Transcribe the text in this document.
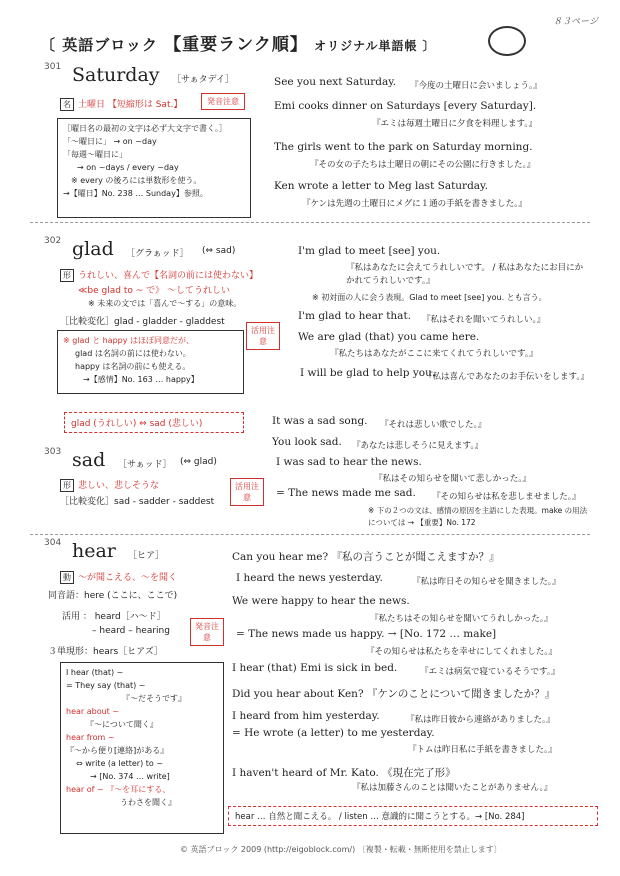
〔 英語ブロック 【重要ランク順】 オリジナル単語帳 〕
８３ページ
301 Saturday ［サぁタデイ］
名 土曜日 【短縮形は Sat.】	発音注意
［曜日名の最初の文字は必ず大文字で書く。］
「～曜日に」 → on ~day
「毎週～曜日に」
→ on ~days / every ~day
※ every の後ろには単数形を使う。
→【曜日】No. 238 … Sunday】参照。
See you next Saturday. 『今度の土曜日に会いましょう。』
Emi cooks dinner on Saturdays [every Saturday].
『エミは毎週土曜日に夕食を料理します。』
The girls went to the park on Saturday morning.
『その女の子たちは土曜日の朝にその公園に行きました。』
Ken wrote a letter to Meg last Saturday.
『ケンは先週の土曜日にメグに１通の手紙を書きました。』
302 glad ［グラぁッド］ (⇔ sad)
形 うれしい、喜んで【名詞の前には使わない】
≪be glad to ~ で》 ～してうれしい
※ 未来の文では「喜んで～する」の意味。
［比較変化］glad - gladder - gladdest
活用注意
※ glad と happy はほぼ同意だが、
glad は名詞の前には使わない。
happy は名詞の前にも使える。
→【感情】No. 163 … happy】
I'm glad to meet [see] you.
『私はあなたに会えてうれしいです。 / 私はあなたにお目にかかれてうれしいです。』
※ 初対面の人に会う表現。Glad to meet [see] you. とも言う。
I'm glad to hear that. 『私はそれを聞いてうれしい。』
We are glad (that) you came here.
『私たちはあなたがここに来てくれてうれしいです。』
I will be glad to help you.
『私は喜んであなたのお手伝いをします。』
glad (うれしい) ⇔ sad (悲しい)	It was a sad song. 『それは悲しい歌でした。』
You look sad. 『あなたは悲しそうに見えます。』
303 sad ［サぁッド］ (⇔ glad)
形 悲しい、悲しそうな
［比較変化］sad - sadder - saddest
活用注意
I was sad to hear the news.
『私はその知らせを聞いて悲しかった。』
= The news made me sad. 『その知らせは私を悲しませました。』
※ 下の２つの文は、感情の原因を主語にした表現。make の用法については → 【重要】No. 172
304 hear ［ヒア］
動 ～が聞こえる、～を聞く
同音語：here (ここに、ここで)
活用 ： heard［ハ～ド］
– heard – hearing
３単現形：hears［ヒアズ］
発音注意
I hear (that) ~
= They say (that) ~
『～だそうです』
hear about ~
『～について聞く』
hear from ~
『～から便り[連絡]がある』
⇔ write (a letter) to ~
→ [No. 374 … write]
hear of ~ 『～を耳にする、
うわさを聞く』
Can you hear me? 『私の言うことが聞こえますか？』
I heard the news yesterday.	『私は昨日その知らせを聞きました。』
We were happy to hear the news.
『私たちはその知らせを聞いてうれしかった。』
= The news made us happy. → [No. 172 … make]
『その知らせは私たちを幸せにしてくれました。』
I hear (that) Emi is sick in bed.	『エミは病気で寝ているそうです。』
Did you hear about Ken? 『ケンのことについて聞きましたか？』
I heard from him yesterday.	『私は昨日彼から連絡がありました。』
= He wrote (a letter) to me yesterday.
『トムは昨日私に手紙を書きました。』
I haven't heard of Mr. Kato. 《現在完了形》
『私は加藤さんのことは聞いたことがありません。』
hear … 自然と聞こえる。 / listen … 意識的に聞こうとする。→ [No. 284]
© 英語ブロック 2009 (http://eigoblock.com/) 〔複製・転載・無断使用を禁止します〕
